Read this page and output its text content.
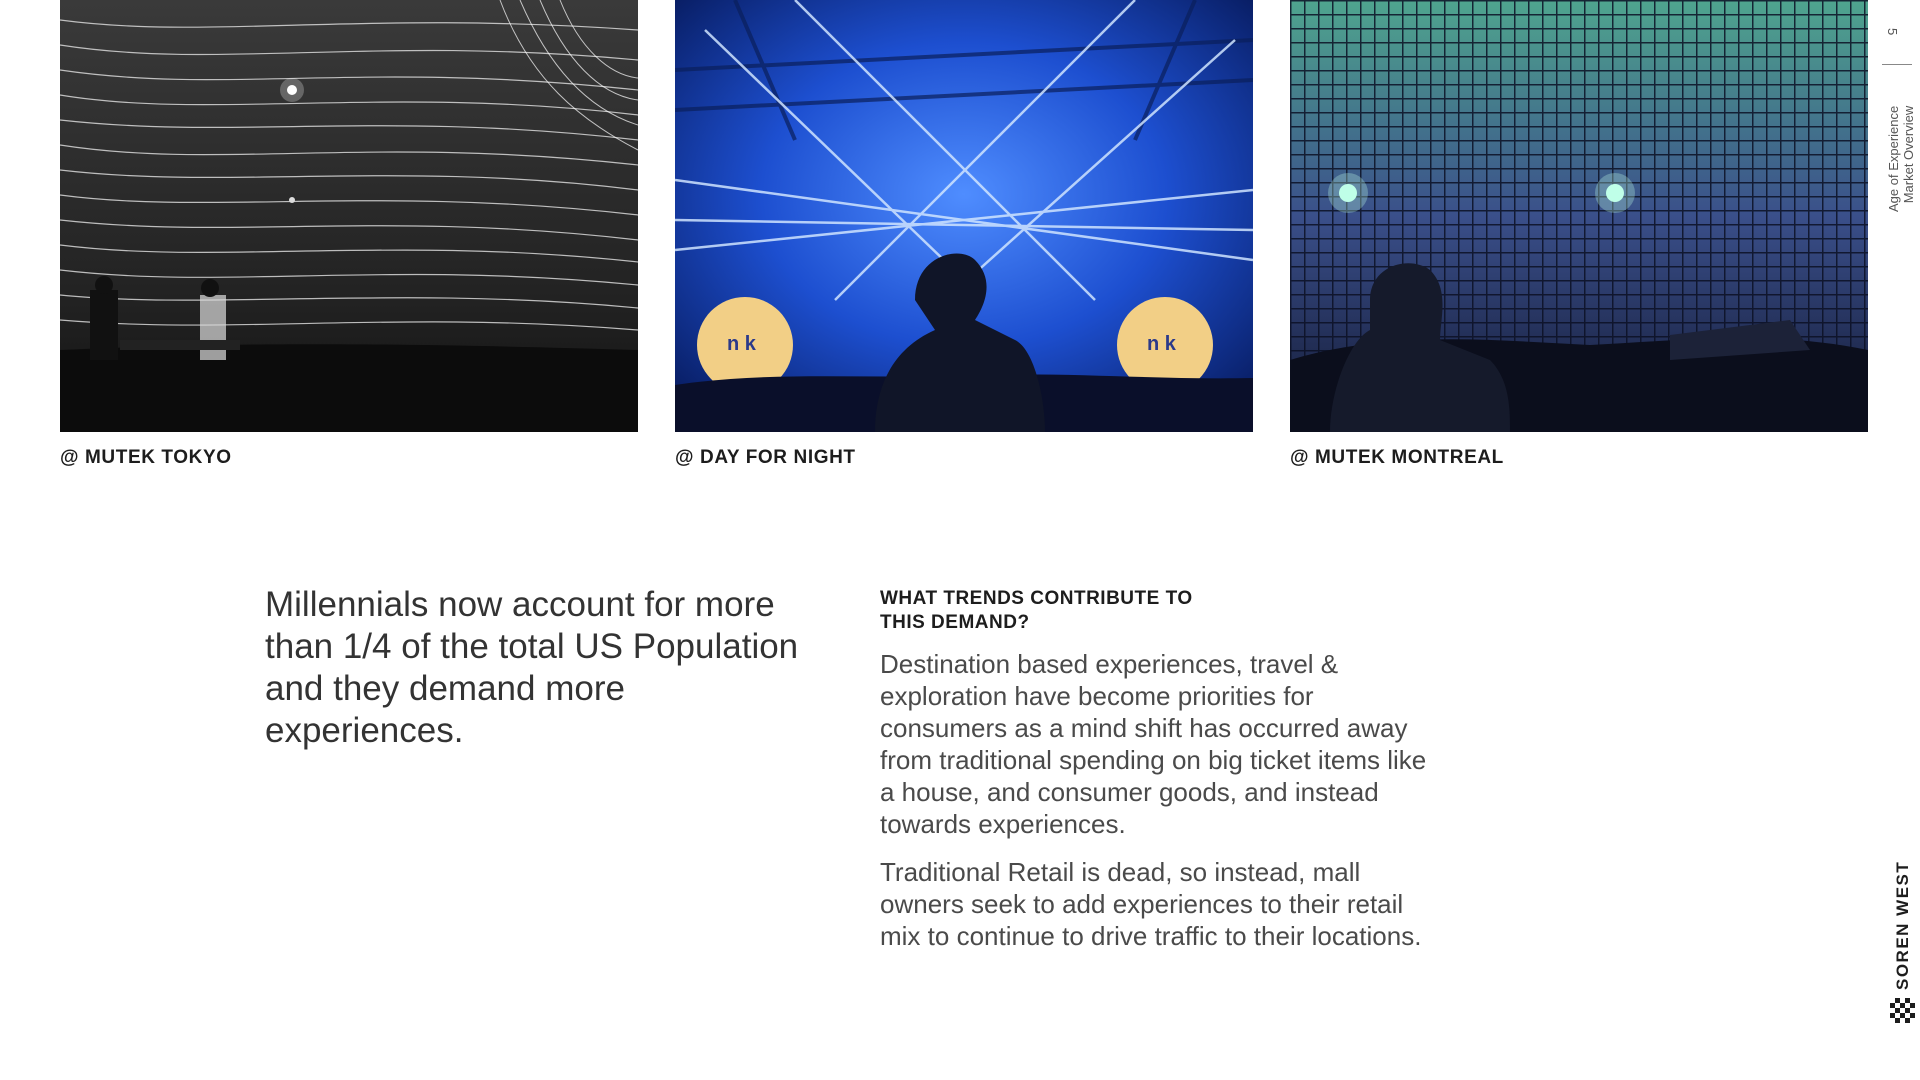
n k	n k
@ MUTEK TOKYO	@ DAY FOR NIGHT	@ MUTEK MONTREAL
Millennials now account for more than 1/4 of the total US Population and they demand more experiences.
WHAT TRENDS CONTRIBUTE TO
THIS DEMAND?

Destination based experiences, travel & exploration have become priorities for consumers as a mind shift has occurred away from traditional spending on big ticket items like a house, and consumer goods, and instead towards experiences.

Traditional Retail is dead, so instead, mall owners seek to add experiences to their retail mix to continue to drive traffic to their locations.

5
Age of Experience Market Overview
SOREN WEST
